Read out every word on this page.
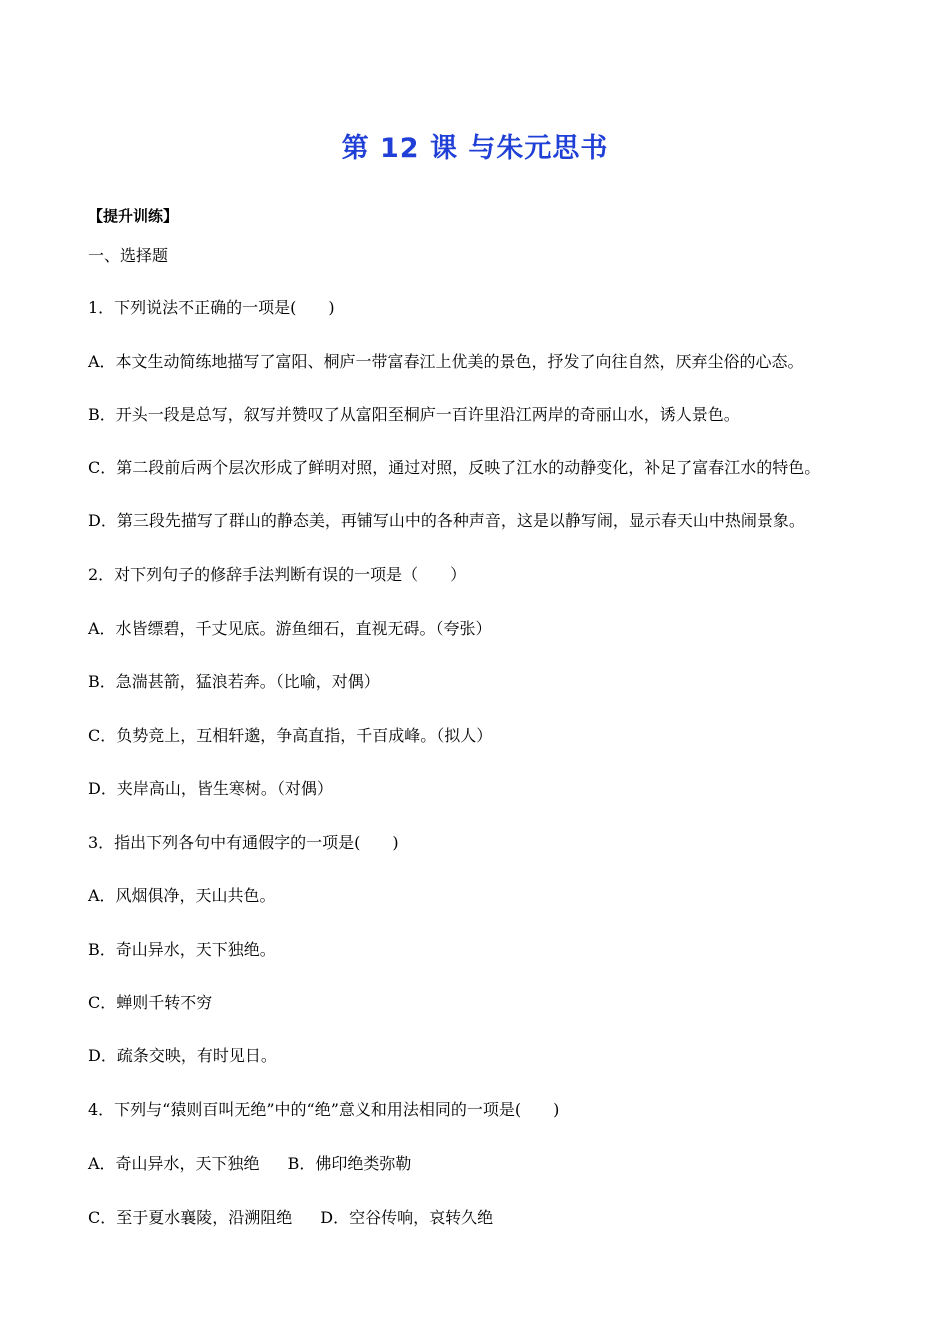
第 12 课 与朱元思书
【提升训练】
一、选择题
1．下列说法不正确的一项是(　　)
A．本文生动简练地描写了富阳、桐庐一带富春江上优美的景色，抒发了向往自然，厌弃尘俗的心态。
B．开头一段是总写，叙写并赞叹了从富阳至桐庐一百许里沿江两岸的奇丽山水，诱人景色。
C．第二段前后两个层次形成了鲜明对照，通过对照，反映了江水的动静变化，补足了富春江水的特色。
D．第三段先描写了群山的静态美，再铺写山中的各种声音，这是以静写闹，显示春天山中热闹景象。
2．对下列句子的修辞手法判断有误的一项是（　　）
A．水皆缥碧，千丈见底。游鱼细石，直视无碍。（夸张）
B．急湍甚箭，猛浪若奔。（比喻，对偶）
C．负势竞上，互相轩邈，争高直指，千百成峰。（拟人）
D．夹岸高山，皆生寒树。（对偶）
3．指出下列各句中有通假字的一项是(　　)
A．风烟俱净，天山共色。
B．奇山异水，天下独绝。
C．蝉则千转不穷
D．疏条交映，有时见日。
4．下列与“猿则百叫无绝”中的“绝”意义和用法相同的一项是(　　)
A．奇山异水，天下独绝 B．佛印绝类弥勒
C．至于夏水襄陵，沿溯阻绝 D．空谷传响，哀转久绝
